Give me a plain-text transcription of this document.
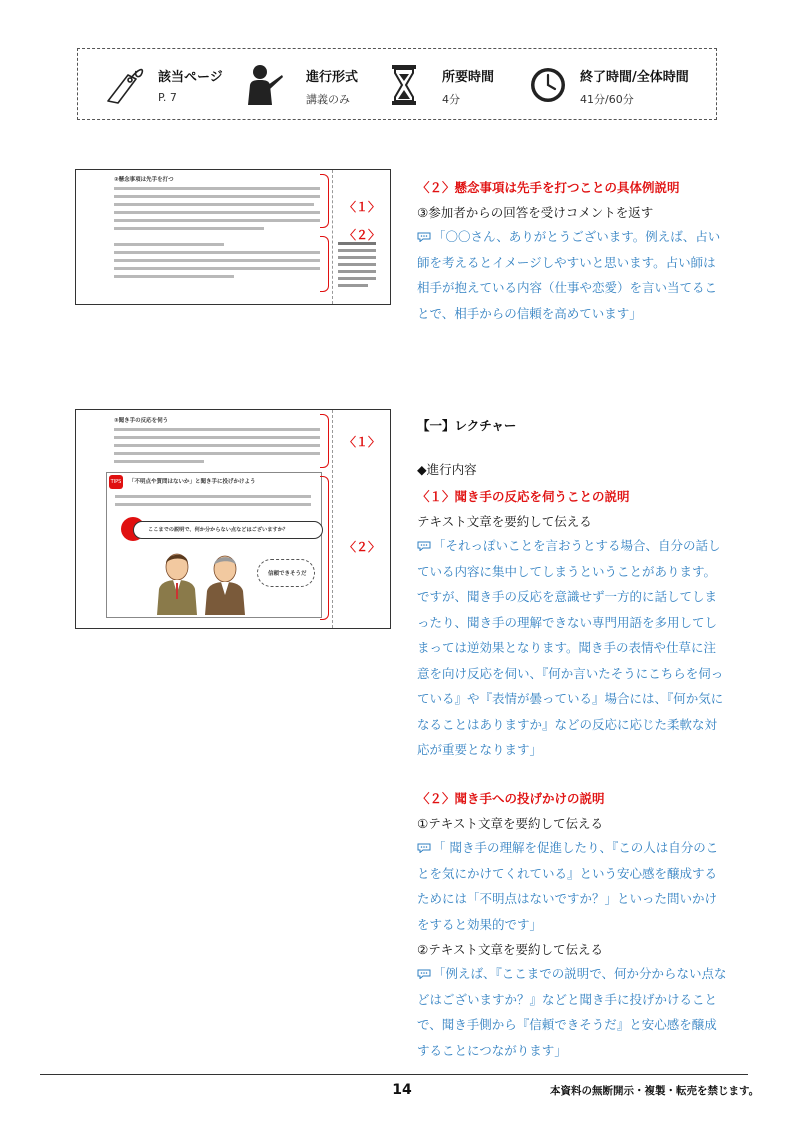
該当ページ
P. 7
進行形式
講義のみ
所要時間
4分
終了時間/全体時間
41分/60分
②懸念事項は先手を打つ
〈１〉
〈２〉
③聞き手の反応を伺う
TIPS 「不明点や質問はないか」と聞き手に投げかけよう
ここまでの説明で、何か分からない点などはございますか？
信頼できそうだ
〈１〉
〈２〉
〈２〉懸念事項は先手を打つことの具体例説明
③参加者からの回答を受けコメントを返す

「〇〇さん、ありがとうございます。例えば、占い師を考えるとイメージしやすいと思います。占い師は相手が抱えている内容（仕事や恋愛）を言い当てることで、相手からの信頼を高めています」

【一】レクチャー
◆進行内容
〈１〉聞き手の反応を伺うことの説明
テキスト文章を要約して伝える

「それっぽいことを言おうとする場合、自分の話している内容に集中してしまうということがあります。ですが、聞き手の反応を意識せず一方的に話してしまったり、聞き手の理解できない専門用語を多用してしまっては逆効果となります。聞き手の表情や仕草に注意を向け反応を伺い、『何か言いたそうにこちらを伺っている』や『表情が曇っている』場合には、『何か気になることはありますか』などの反応に応じた柔軟な対応が重要となります」

〈２〉聞き手への投げかけの説明
①テキスト文章を要約して伝える

「 聞き手の理解を促進したり、『この人は自分のことを気にかけてくれている』という安心感を醸成するためには「不明点はないですか？」といった問いかけをすると効果的です」

②テキスト文章を要約して伝える

「例えば、『ここまでの説明で、何か分からない点などはございますか？』などと聞き手に投げかけることで、聞き手側から『信頼できそうだ』と安心感を醸成することにつながります」

14	本資料の無断開示・複製・転売を禁じます。
